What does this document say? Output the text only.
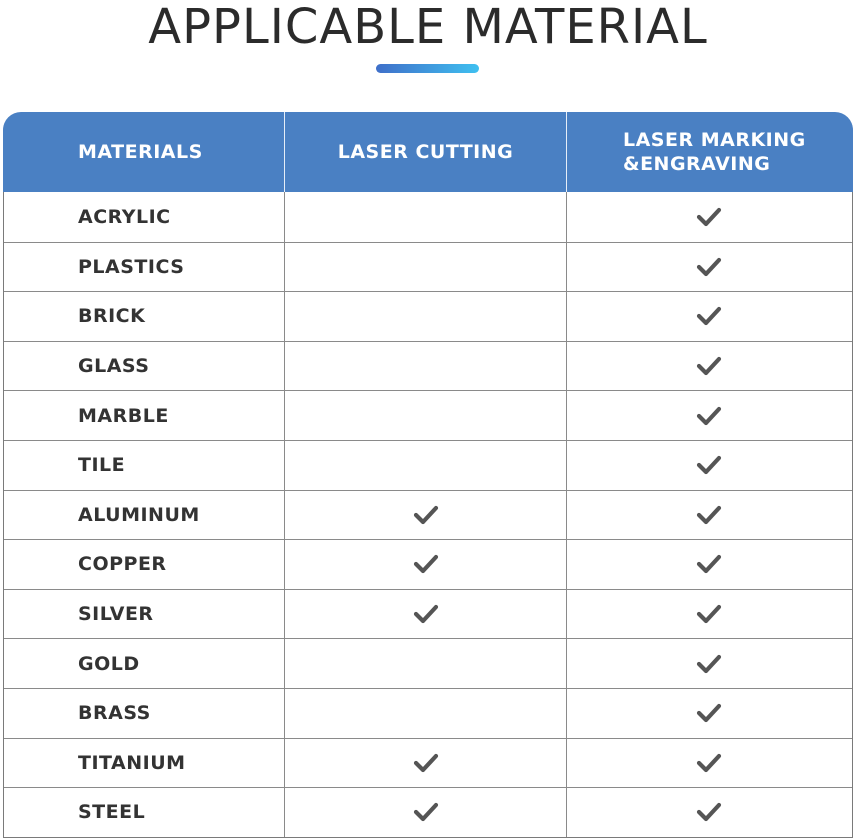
APPLICABLE MATERIAL
MATERIALS	LASER CUTTING
LASER MARKING
&ENGRAVING
ACRYLIC
PLASTICS
BRICK
GLASS
MARBLE
TILE
ALUMINUM
COPPER
SILVER
GOLD
BRASS
TITANIUM
STEEL
